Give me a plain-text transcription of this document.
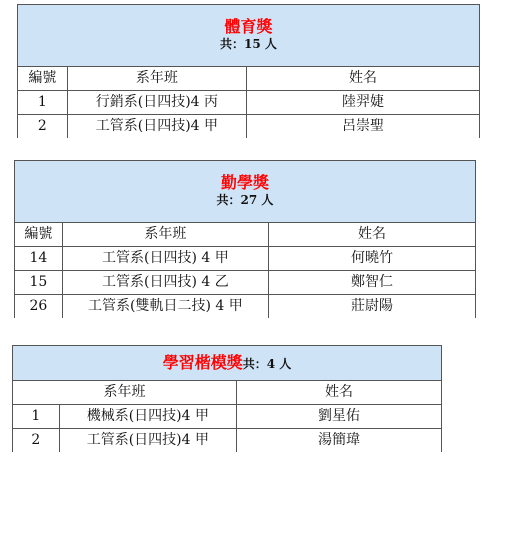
體育獎
共：15 人
編號	系年班	姓名
1	行銷系(日四技)4 丙	陸羿婕
2	工管系(日四技)4 甲	呂崇聖
勤學獎
共：27 人
編號	系年班	姓名
14	工管系(日四技) 4 甲	何曉竹
15	工管系(日四技) 4 乙	鄭智仁
26	工管系(雙軌日二技) 4 甲	莊尉陽
學習楷模獎共：4 人
系年班	姓名
1	機械系(日四技)4 甲	劉星佑
2	工管系(日四技)4 甲	湯簡瑋
